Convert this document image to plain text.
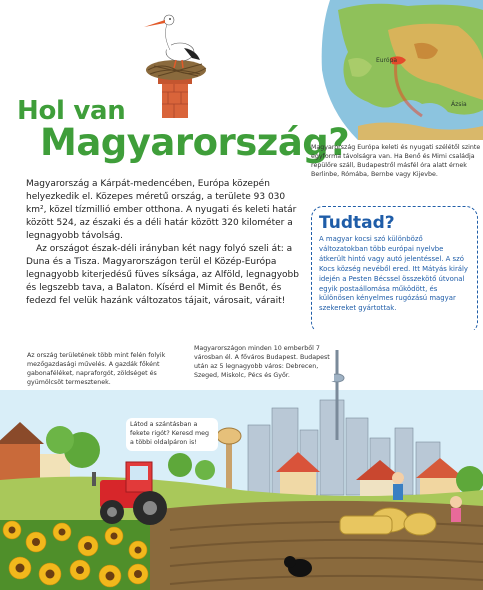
Európa
Ázsia
Hol van
Magyarország?
Magyarország Európa keleti és nyugati szélétől szinte egyforma távolságra van. Ha Benő és Mimi családja repülőre száll, Budapestről másfél óra alatt érnek Berlinbe, Rómába, Bernbe vagy Kijevbe.

Magyarország a Kárpát-medencében, Európa közepén helyezkedik el. Közepes méretű ország, a területe 93 030 km², közel tízmillió ember otthona. A nyugati és keleti határ között 524, az északi és a déli határ között 320 kilométer a legnagyobb távolság.

Az országot észak-déli irányban két nagy folyó szeli át: a Duna és a Tisza. Magyarországon terül el Közép-Európa legnagyobb kiterjedésű füves síksága, az Alföld, legnagyobb és legszebb tava, a Balaton. Kísérd el Mimit és Benőt, és fedezd fel velük hazánk változatos tájait, városait, várait!

Tudtad?
A magyar kocsi szó különböző változatokban több európai nyelvbe átkerült hintó vagy autó jelentéssel. A szó Kocs község nevéből ered. Itt Mátyás király idején a Pesten Bécssel összekötő útvonal egyik postaállomása működött, és különösen kényelmes rugózású magyar szekereket gyártottak.
Az ország területének több mint felén folyik mezőgazdasági művelés. A gazdák főként gabonaféléket, napraforgót, zöldséget és gyümölcsöt termesztenek.
Magyarországon minden 10 emberből 7 városban él. A főváros Budapest. Budapest után az 5 legnagyobb város: Debrecen, Szeged, Miskolc, Pécs és Győr.
Látod a szántásban a fekete rigót? Keresd meg a többi oldalpáron is!
